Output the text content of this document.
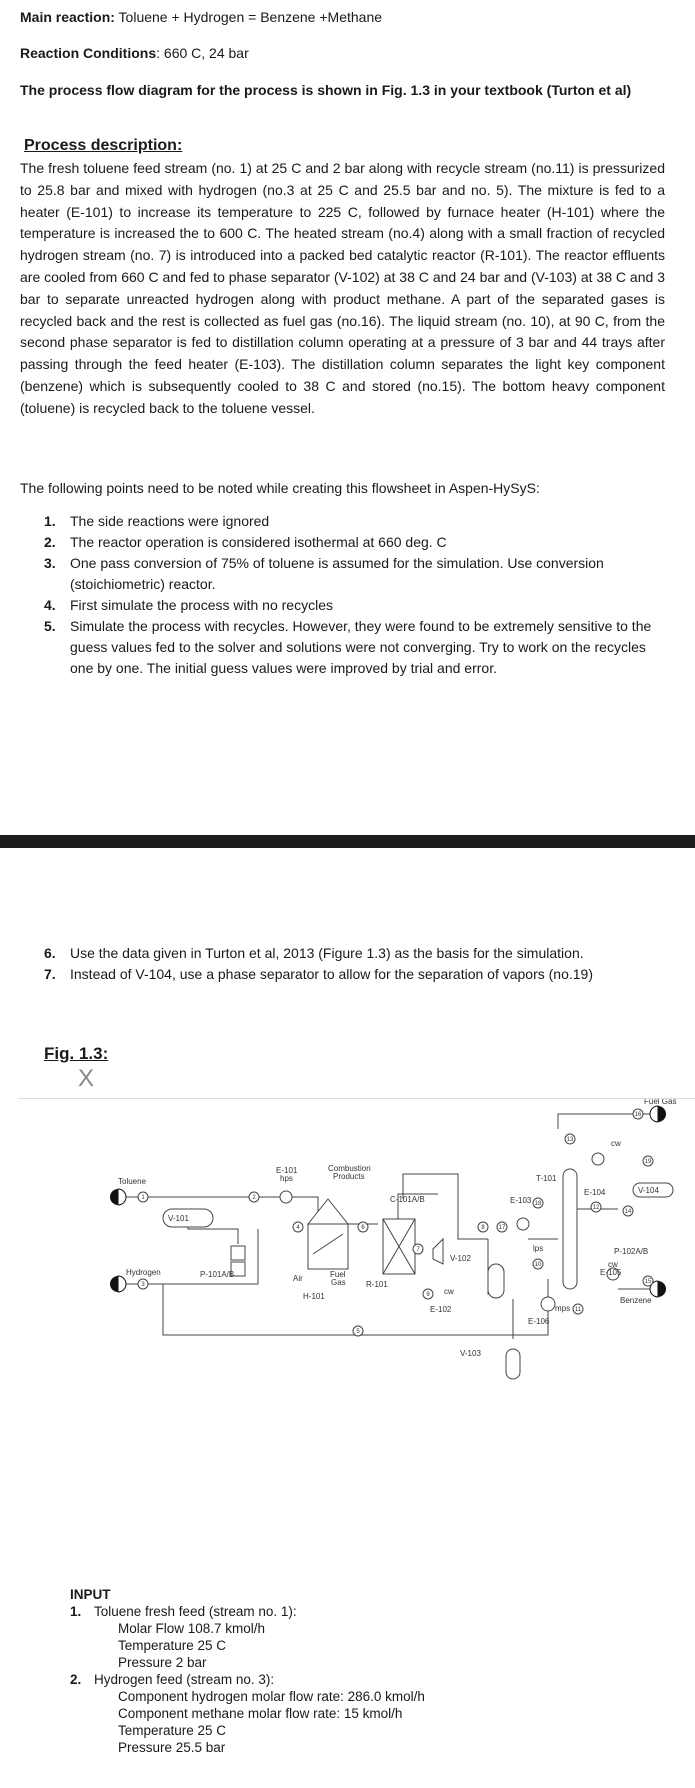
Main reaction: Toluene + Hydrogen = Benzene +Methane
Reaction Conditions: 660 C, 24 bar
The process flow diagram for the process is shown in Fig. 1.3 in your textbook (Turton et al)
Process description:
The fresh toluene feed stream (no. 1) at 25 C and 2 bar along with recycle stream (no.11) is pressurized to 25.8 bar and mixed with hydrogen (no.3 at 25 C and 25.5 bar and no. 5). The mixture is fed to a heater (E-101) to increase its temperature to 225 C, followed by furnace heater (H-101) where the temperature is increased the to 600 C. The heated stream (no.4) along with a small fraction of recycled hydrogen stream (no. 7) is introduced into a packed bed catalytic reactor (R-101). The reactor effluents are cooled from 660 C and fed to phase separator (V-102) at 38 C and 24 bar and (V-103) at 38 C and 3 bar to separate unreacted hydrogen along with product methane. A part of the separated gases is recycled back and the rest is collected as fuel gas (no.16). The liquid stream (no. 10), at 90 C, from the second phase separator is fed to distillation column operating at a pressure of 3 bar and 44 trays after passing through the feed heater (E-103). The distillation column separates the light key component (benzene) which is subsequently cooled to 38 C and stored (no.15). The bottom heavy component (toluene) is recycled back to the toluene vessel.
The following points need to be noted while creating this flowsheet in Aspen-HySyS:
1. The side reactions were ignored
2. The reactor operation is considered isothermal at 660 deg. C
3. One pass conversion of 75% of toluene is assumed for the simulation. Use conversion (stoichiometric) reactor.
4. First simulate the process with no recycles
5. Simulate the process with recycles. However, they were found to be extremely sensitive to the guess values fed to the solver and solutions were not converging. Try to work on the recycles one by one. The initial guess values were improved by trial and error.
6. Use the data given in Turton et al, 2013 (Figure 1.3) as the basis for the simulation.
7. Instead of V-104, use a phase separator to allow for the separation of vapors (no.19)
Fig. 1.3:
X
1	2
3
4
5
6
7
8
9
10
11
12
13
14
15
16
17
18
19
Toluene
Hydrogen
V-101
P-101A/B
E-101
hps
Combustion
Products
Air	Fuel
Gas
H-101
C-101A/B
R-101
V-102
cw
E-102
V-103
T-101
E-103
lps
E-106
mps
E-104	V-104
cw
Fuel Gas
P-102A/B
cw
E-105
Benzene
INPUT
1. Toluene fresh feed (stream no. 1):
Molar Flow 108.7 kmol/h
Temperature 25 C
Pressure 2 bar
2. Hydrogen feed (stream no. 3):
Component hydrogen molar flow rate: 286.0 kmol/h
Component methane molar flow rate: 15 kmol/h
Temperature 25 C
Pressure 25.5 bar
